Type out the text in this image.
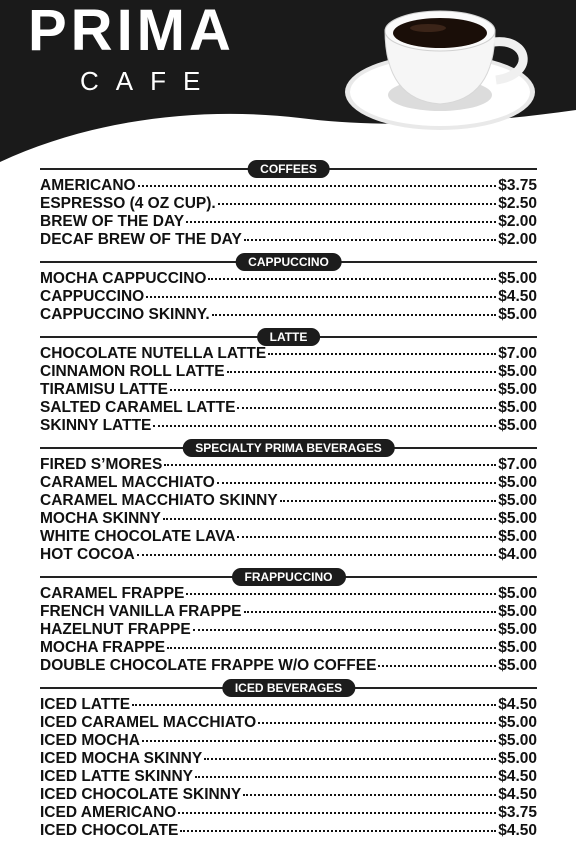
PRIMA
CAFE
COFFEES
AMERICANO	$3.75
ESPRESSO (4 OZ CUP).	$2.50
BREW OF THE DAY	$2.00
DECAF BREW OF THE DAY	$2.00
CAPPUCCINO
MOCHA CAPPUCCINO	$5.00
CAPPUCCINO	$4.50
CAPPUCCINO SKINNY.	$5.00
LATTE
CHOCOLATE NUTELLA LATTE	$7.00
CINNAMON ROLL LATTE	$5.00
TIRAMISU LATTE	$5.00
SALTED CARAMEL LATTE	$5.00
SKINNY LATTE	$5.00
SPECIALTY PRIMA BEVERAGES
FIRED S’MORES	$7.00
CARAMEL MACCHIATO	$5.00
CARAMEL MACCHIATO SKINNY	$5.00
MOCHA SKINNY	$5.00
WHITE CHOCOLATE LAVA	$5.00
HOT COCOA	$4.00
FRAPPUCCINO
CARAMEL FRAPPE	$5.00
FRENCH VANILLA FRAPPE	$5.00
HAZELNUT FRAPPE	$5.00
MOCHA FRAPPE	$5.00
DOUBLE CHOCOLATE FRAPPE W/O COFFEE	$5.00
ICED BEVERAGES
ICED LATTE	$4.50
ICED CARAMEL MACCHIATO	$5.00
ICED MOCHA	$5.00
ICED MOCHA SKINNY	$5.00
ICED LATTE SKINNY	$4.50
ICED CHOCOLATE SKINNY	$4.50
ICED AMERICANO	$3.75
ICED CHOCOLATE	$4.50
